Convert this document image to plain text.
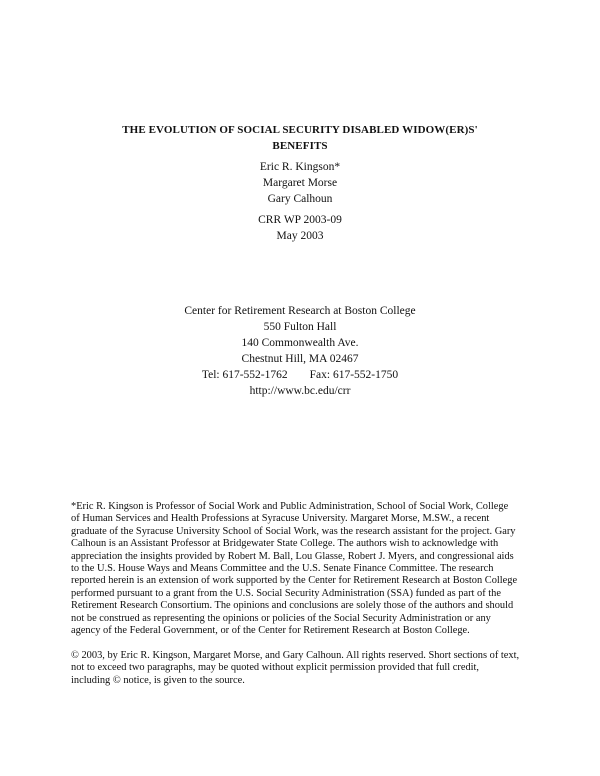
THE EVOLUTION OF SOCIAL SECURITY DISABLED WIDOW(ER)S'
BENEFITS
Eric R. Kingson*
Margaret Morse
Gary Calhoun
CRR WP 2003-09
May 2003
Center for Retirement Research at Boston College
550 Fulton Hall
140 Commonwealth Ave.
Chestnut Hill, MA 02467
Tel: 617-552-1762 Fax: 617-552-1750
http://www.bc.edu/crr
*Eric R. Kingson is Professor of Social Work and Public Administration, School of Social Work, College
of Human Services and Health Professions at Syracuse University. Margaret Morse, M.SW., a recent
graduate of the Syracuse University School of Social Work, was the research assistant for the project. Gary
Calhoun is an Assistant Professor at Bridgewater State College. The authors wish to acknowledge with
appreciation the insights provided by Robert M. Ball, Lou Glasse, Robert J. Myers, and congressional aids
to the U.S. House Ways and Means Committee and the U.S. Senate Finance Committee. The research
reported herein is an extension of work supported by the Center for Retirement Research at Boston College
performed pursuant to a grant from the U.S. Social Security Administration (SSA) funded as part of the
Retirement Research Consortium. The opinions and conclusions are solely those of the authors and should
not be construed as representing the opinions or policies of the Social Security Administration or any
agency of the Federal Government, or of the Center for Retirement Research at Boston College.
© 2003, by Eric R. Kingson, Margaret Morse, and Gary Calhoun. All rights reserved. Short sections of text,
not to exceed two paragraphs, may be quoted without explicit permission provided that full credit,
including © notice, is given to the source.
